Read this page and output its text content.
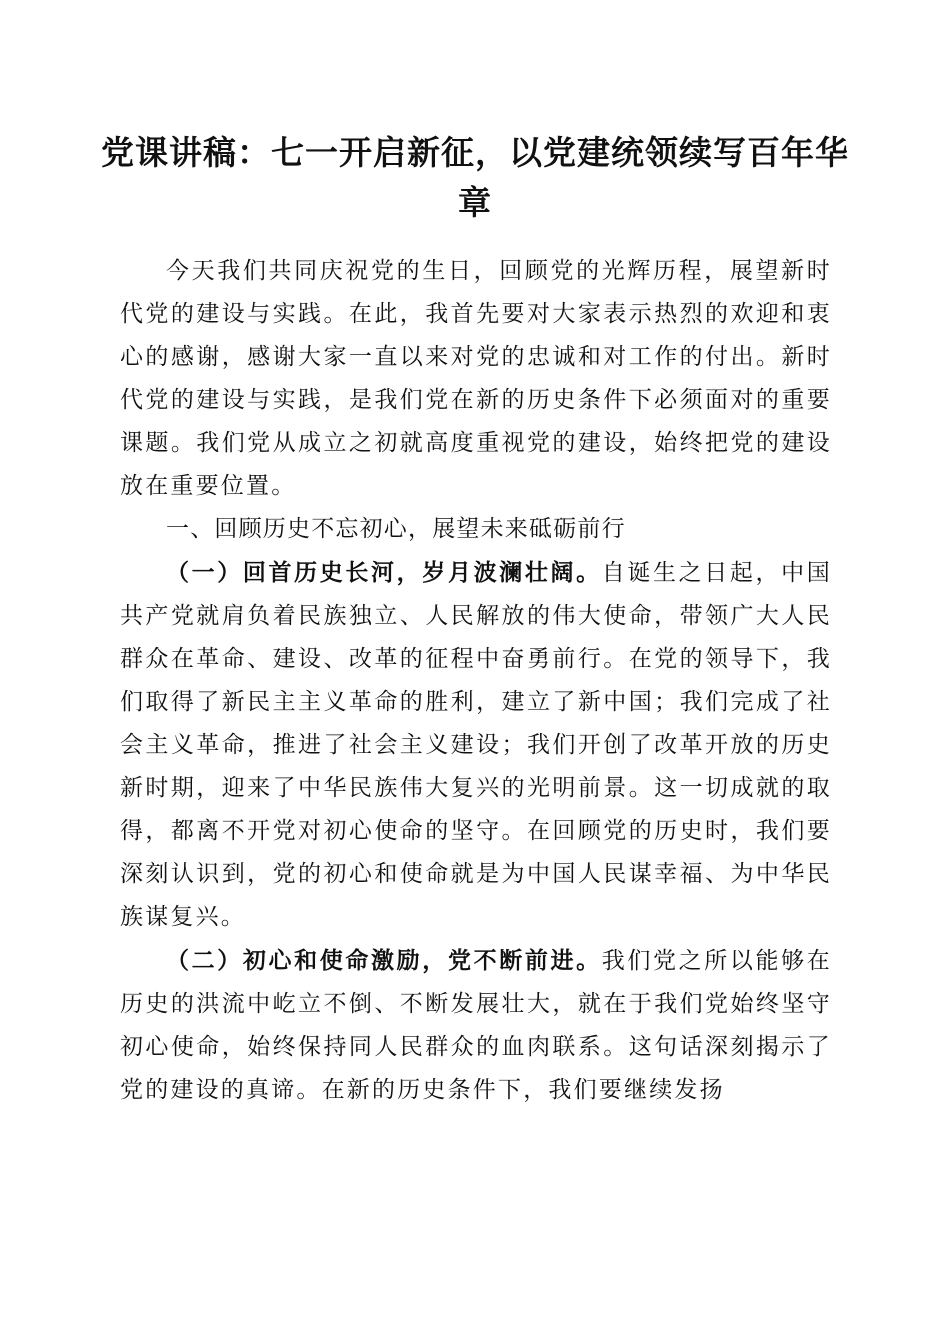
党课讲稿：七一开启新征，以党建统领续写百年华章

今天我们共同庆祝党的生日，回顾党的光辉历程，展望新时代党的建设与实践。在此，我首先要对大家表示热烈的欢迎和衷心的感谢，感谢大家一直以来对党的忠诚和对工作的付出。新时代党的建设与实践，是我们党在新的历史条件下必须面对的重要课题。我们党从成立之初就高度重视党的建设，始终把党的建设放在重要位置。

一、回顾历史不忘初心，展望未来砥砺前行

（一）回首历史长河，岁月波澜壮阔。自诞生之日起，中国共产党就肩负着民族独立、人民解放的伟大使命，带领广大人民群众在革命、建设、改革的征程中奋勇前行。在党的领导下，我们取得了新民主主义革命的胜利，建立了新中国；我们完成了社会主义革命，推进了社会主义建设；我们开创了改革开放的历史新时期，迎来了中华民族伟大复兴的光明前景。这一切成就的取得，都离不开党对初心使命的坚守。在回顾党的历史时，我们要深刻认识到，党的初心和使命就是为中国人民谋幸福、为中华民族谋复兴。

（二）初心和使命激励，党不断前进。我们党之所以能够在历史的洪流中屹立不倒、不断发展壮大，就在于我们党始终坚守初心使命，始终保持同人民群众的血肉联系。这句话深刻揭示了党的建设的真谛。在新的历史条件下，我们要继续发扬
